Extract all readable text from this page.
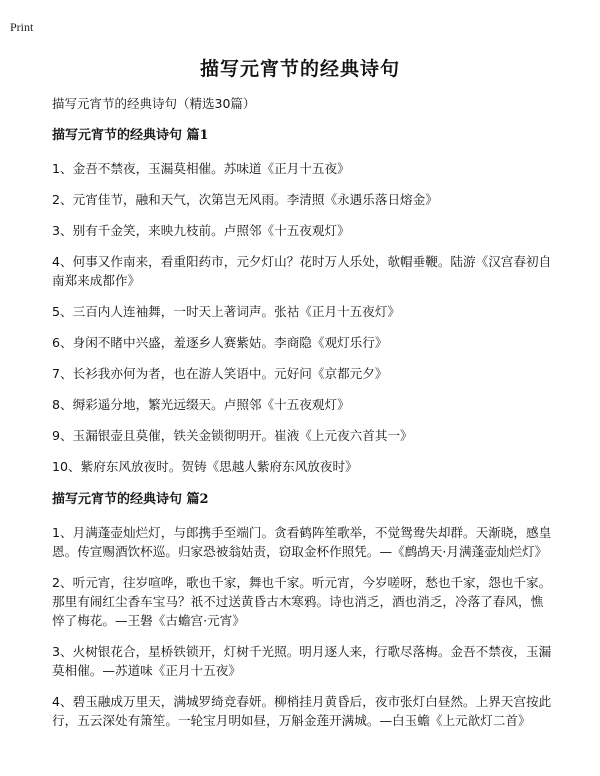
Print
描写元宵节的经典诗句
描写元宵节的经典诗句（精选30篇）
描写元宵节的经典诗句 篇1
1、金吾不禁夜，玉漏莫相催。苏味道《正月十五夜》
2、元宵佳节，融和天气，次第岂无风雨。李清照《永遇乐落日熔金》
3、别有千金笑，来映九枝前。卢照邻《十五夜观灯》
4、何事又作南来，看重阳药市，元夕灯山？花时万人乐处，欹帽垂鞭。陆游《汉宫春初自南郑来成都作》
5、三百内人连袖舞，一时天上著词声。张祜《正月十五夜灯》
6、身闲不睹中兴盛，羞逐乡人赛紫姑。李商隐《观灯乐行》
7、长衫我亦何为者，也在游人笑语中。元好问《京都元夕》
8、缛彩遥分地，繁光远缀天。卢照邻《十五夜观灯》
9、玉漏银壶且莫催，铁关金锁彻明开。崔液《上元夜六首其一》
10、紫府东风放夜时。贺铸《思越人紫府东风放夜时》
描写元宵节的经典诗句 篇2
1、月满蓬壶灿烂灯，与郎携手至端门。贪看鹤阵笙歌举，不觉鸳鸯失却群。天渐晓，感皇恩。传宣赐酒饮杯巡。归家恐被翁姑责，窃取金杯作照凭。—《鹧鸪天·月满蓬壶灿烂灯》
2、听元宵，往岁喧哗，歌也千家，舞也千家。听元宵，今岁嗟呀，愁也千家，怨也千家。那里有闹红尘香车宝马？祇不过送黄昏古木寒鸦。诗也消乏，酒也消乏，冷落了春风，憔悴了梅花。—王磐《古蟾宫·元宵》
3、火树银花合，星桥铁锁开，灯树千光照。明月逐人来，行歌尽落梅。金吾不禁夜，玉漏莫相催。—苏道味《正月十五夜》
4、碧玉融成万里天，满城罗绮竞春妍。柳梢挂月黄昏后，夜市张灯白昼然。上界天宫按此行，五云深处有箫笙。一轮宝月明如昼，万斛金莲开满城。—白玉蟾《上元歆灯二首》
